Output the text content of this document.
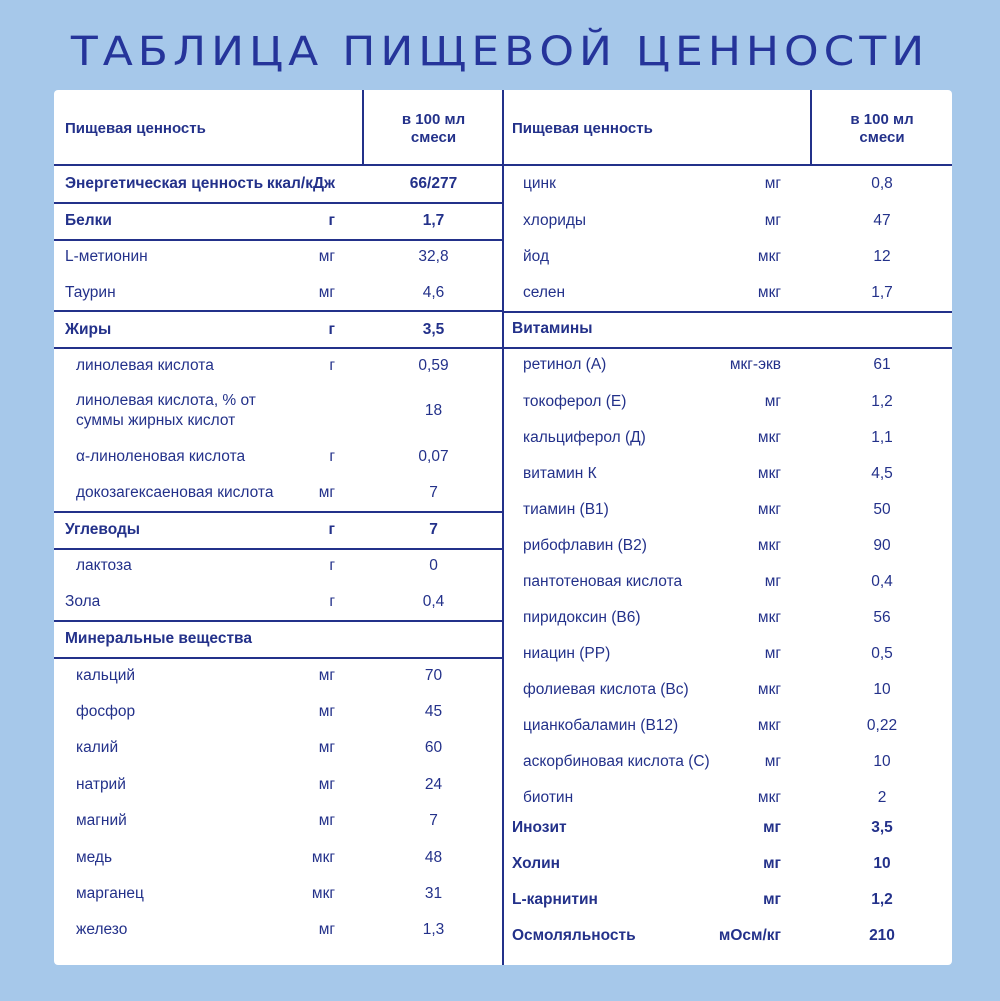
ТАБЛИЦА ПИЩЕВОЙ ЦЕННОСТИ
Пищевая ценность
в 100 мл
смеси
Энергетическая ценность ккал/кДж	66/277
Белки	г	1,7
L-метионин	мг	32,8
Таурин	мг	4,6
Жиры	г	3,5
линолевая кислота	г	0,59
линолевая кислота, % от суммы жирных кислот
18
α-линоленовая кислота	г	0,07
докозагексаеновая кислота	мг	7
Углеводы	г	7
лактоза	г	0
Зола	г	0,4
Минеральные вещества
кальций	мг	70
фосфор	мг	45
калий	мг	60
натрий	мг	24
магний	мг	7
медь	мкг	48
марганец	мкг	31
железо	мг	1,3
Пищевая ценность
в 100 мл
смеси
цинк	мг	0,8
хлориды	мг	47
йод	мкг	12
селен	мкг	1,7
Витамины
ретинол (А)	мкг-экв	61
токоферол (Е)	мг	1,2
кальциферол (Д)	мкг	1,1
витамин К	мкг	4,5
тиамин (В1)	мкг	50
рибофлавин (В2)	мкг	90
пантотеновая кислота	мг	0,4
пиридоксин (В6)	мкг	56
ниацин (РР)	мг	0,5
фолиевая кислота (Вс)	мкг	10
цианкобаламин (В12)	мкг	0,22
аскорбиновая кислота (С)	мг	10
биотин	мкг	2
Инозит	мг	3,5
Холин	мг	10
L-карнитин	мг	1,2
Осмоляльность	мОсм/кг	210
